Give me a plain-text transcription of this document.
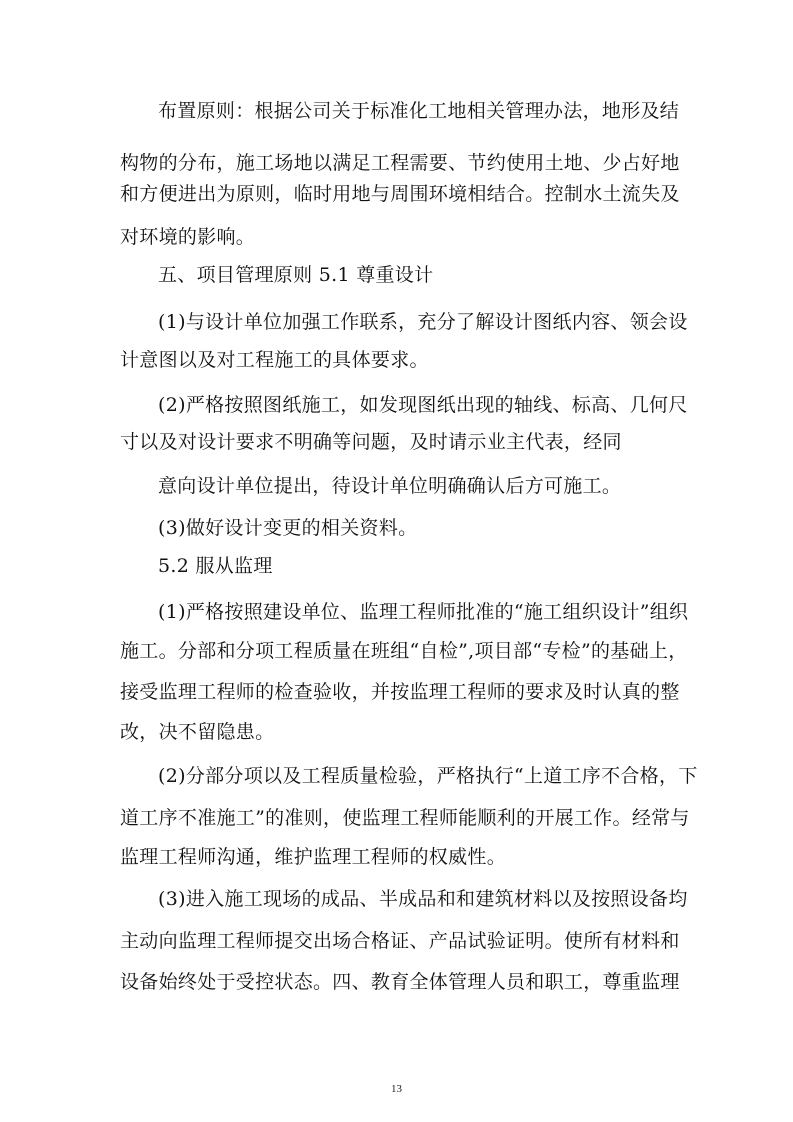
布置原则：根据公司关于标准化工地相关管理办法，地形及结
构物的分布，施工场地以满足工程需要、节约使用土地、少占好地
和方便进出为原则，临时用地与周围环境相结合。控制水土流失及
对环境的影响。
五、项目管理原则 5.1 尊重设计
(1)与设计单位加强工作联系，充分了解设计图纸内容、领会设
计意图以及对工程施工的具体要求。
(2)严格按照图纸施工，如发现图纸出现的轴线、标高、几何尺
寸以及对设计要求不明确等问题，及时请示业主代表，经同
意向设计单位提出，待设计单位明确确认后方可施工。
(3)做好设计变更的相关资料。
5.2 服从监理
(1)严格按照建设单位、监理工程师批准的“施工组织设计”组织
施工。分部和分项工程质量在班组“自检”,项目部“专检”的基础上，
接受监理工程师的检查验收，并按监理工程师的要求及时认真的整
改，决不留隐患。
(2)分部分项以及工程质量检验，严格执行“上道工序不合格，下
道工序不准施工”的准则，使监理工程师能顺利的开展工作。经常与
监理工程师沟通，维护监理工程师的权威性。
(3)进入施工现场的成品、半成品和和建筑材料以及按照设备均
主动向监理工程师提交出场合格证、产品试验证明。使所有材料和
设备始终处于受控状态。四、教育全体管理人员和职工，尊重监理
13
